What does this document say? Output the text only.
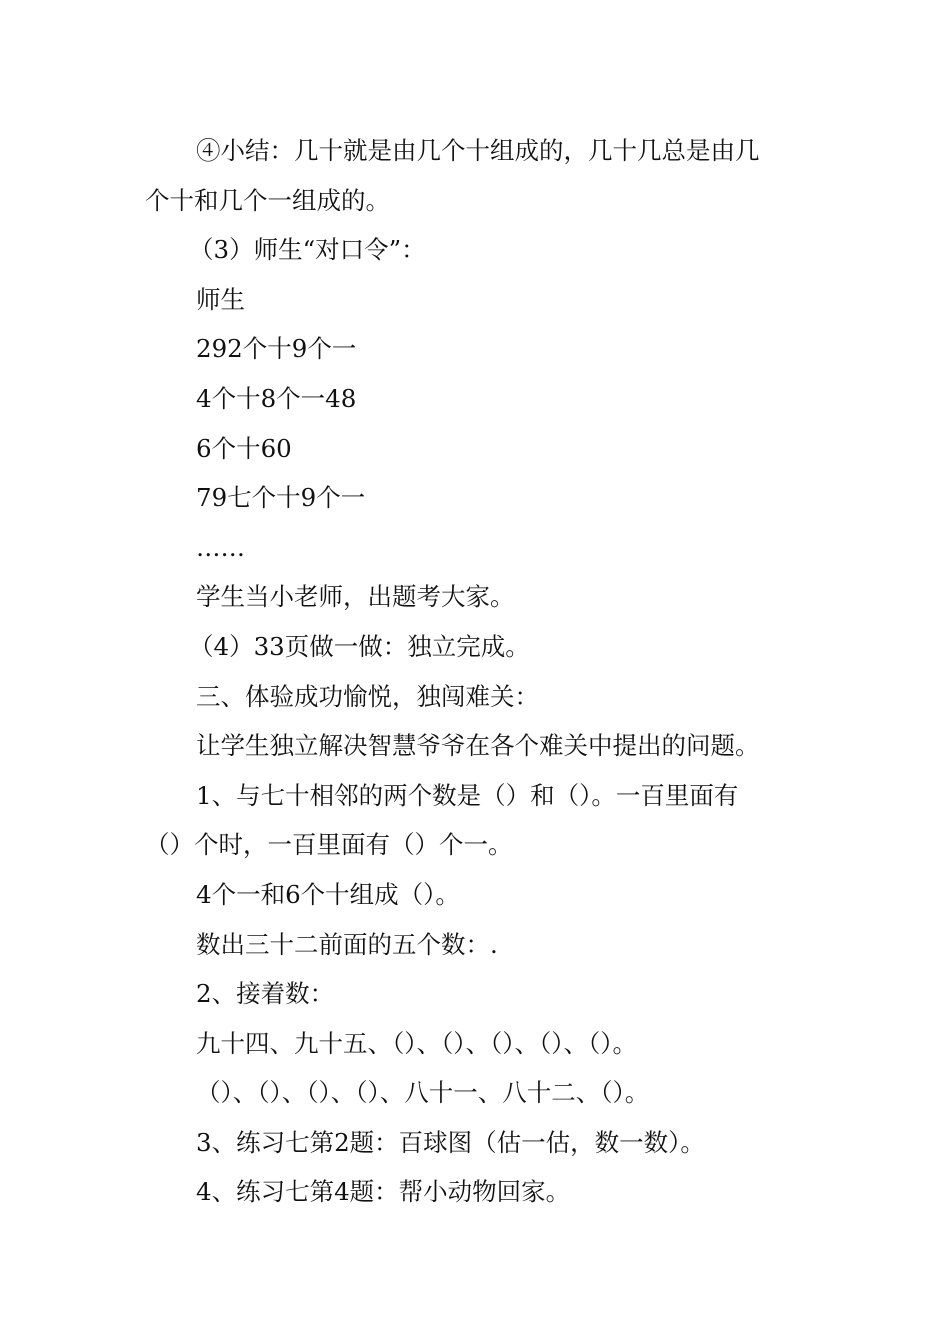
④小结：几十就是由几个十组成的，几十几总是由几
个十和几个一组成的。
（3）师生“对口令”：
师生
292个十9个一
4个十8个一48
6个十60
79七个十9个一
……
学生当小老师，出题考大家。
（4）33页做一做：独立完成。
三、体验成功愉悦，独闯难关：
让学生独立解决智慧爷爷在各个难关中提出的问题。
1、与七十相邻的两个数是（）和（）。一百里面有
（）个时，一百里面有（）个一。
4个一和6个十组成（）。
数出三十二前面的五个数：.
2、接着数：
九十四、九十五、（）、（）、（）、（）、（）。
（）、（）、（）、（）、八十一、八十二、（）。
3、练习七第2题：百球图（估一估，数一数）。
4、练习七第4题：帮小动物回家。
